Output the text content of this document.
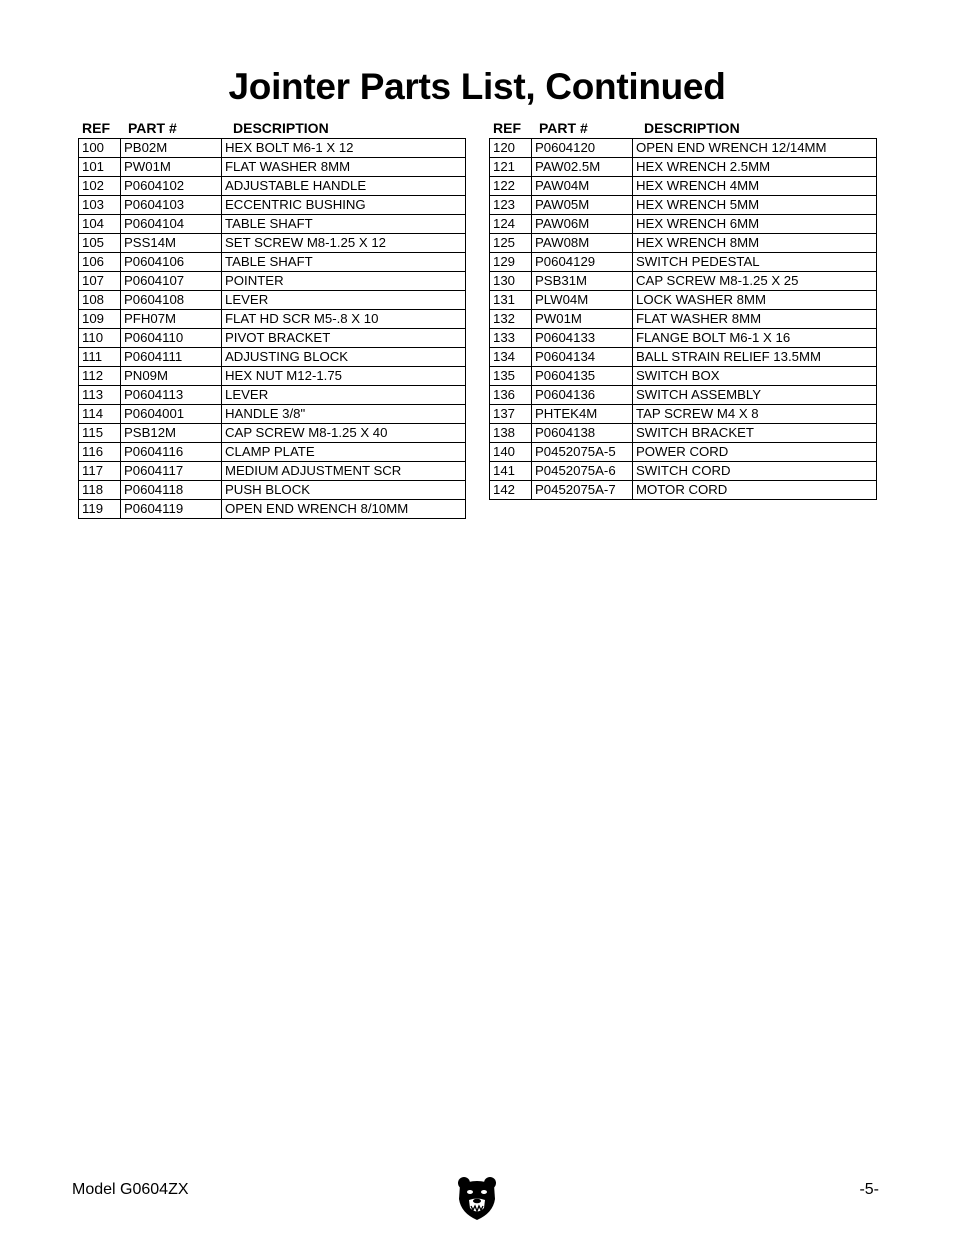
Jointer Parts List, Continued
REF	PART #	DESCRIPTION
100	PB02M	HEX BOLT M6-1 X 12
101	PW01M	FLAT WASHER 8MM
102	P0604102	ADJUSTABLE HANDLE
103	P0604103	ECCENTRIC BUSHING
104	P0604104	TABLE SHAFT
105	PSS14M	SET SCREW M8-1.25 X 12
106	P0604106	TABLE SHAFT
107	P0604107	POINTER
108	P0604108	LEVER
109	PFH07M	FLAT HD SCR M5-.8 X 10
110	P0604110	PIVOT BRACKET
111	P0604111	ADJUSTING BLOCK
112	PN09M	HEX NUT M12-1.75
113	P0604113	LEVER
114	P0604001	HANDLE 3/8"
115	PSB12M	CAP SCREW M8-1.25 X 40
116	P0604116	CLAMP PLATE
117	P0604117	MEDIUM ADJUSTMENT SCR
118	P0604118	PUSH BLOCK
119	P0604119	OPEN END WRENCH 8/10MM
REF	PART #	DESCRIPTION
120	P0604120	OPEN END WRENCH 12/14MM
121	PAW02.5M	HEX WRENCH 2.5MM
122	PAW04M	HEX WRENCH 4MM
123	PAW05M	HEX WRENCH 5MM
124	PAW06M	HEX WRENCH 6MM
125	PAW08M	HEX WRENCH 8MM
129	P0604129	SWITCH PEDESTAL
130	PSB31M	CAP SCREW M8-1.25 X 25
131	PLW04M	LOCK WASHER 8MM
132	PW01M	FLAT WASHER 8MM
133	P0604133	FLANGE BOLT M6-1 X 16
134	P0604134	BALL STRAIN RELIEF 13.5MM
135	P0604135	SWITCH BOX
136	P0604136	SWITCH ASSEMBLY
137	PHTEK4M	TAP SCREW M4 X 8
138	P0604138	SWITCH BRACKET
140	P0452075A-5	POWER CORD
141	P0452075A-6	SWITCH CORD
142	P0452075A-7	MOTOR CORD
Model G0604ZX	-5-
